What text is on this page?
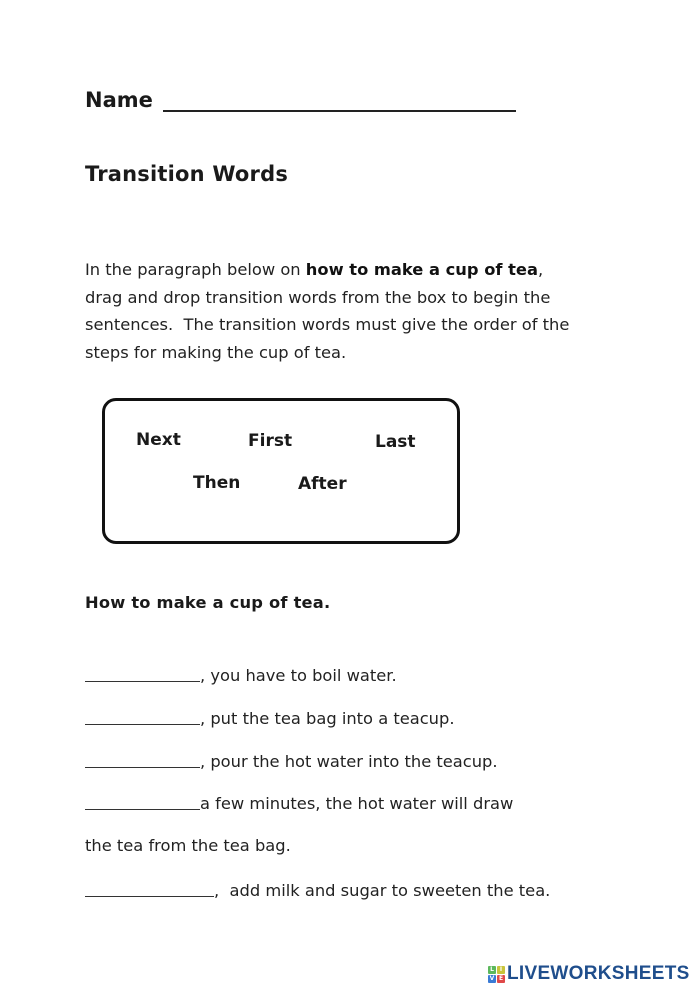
Name
Transition Words
In the paragraph below on how to make a cup of tea,
drag and drop transition words from the box to begin the
sentences.  The transition words must give the order of the
steps for making the cup of tea.
Next	First	Last
Then	After
How to make a cup of tea.
, you have to boil water.
, put the tea bag into a teacup.
, pour the hot water into the teacup.
a few minutes, the hot water will draw
the tea from the tea bag.
,  add milk and sugar to sweeten the tea.
L I
V E LIVEWORKSHEETS
